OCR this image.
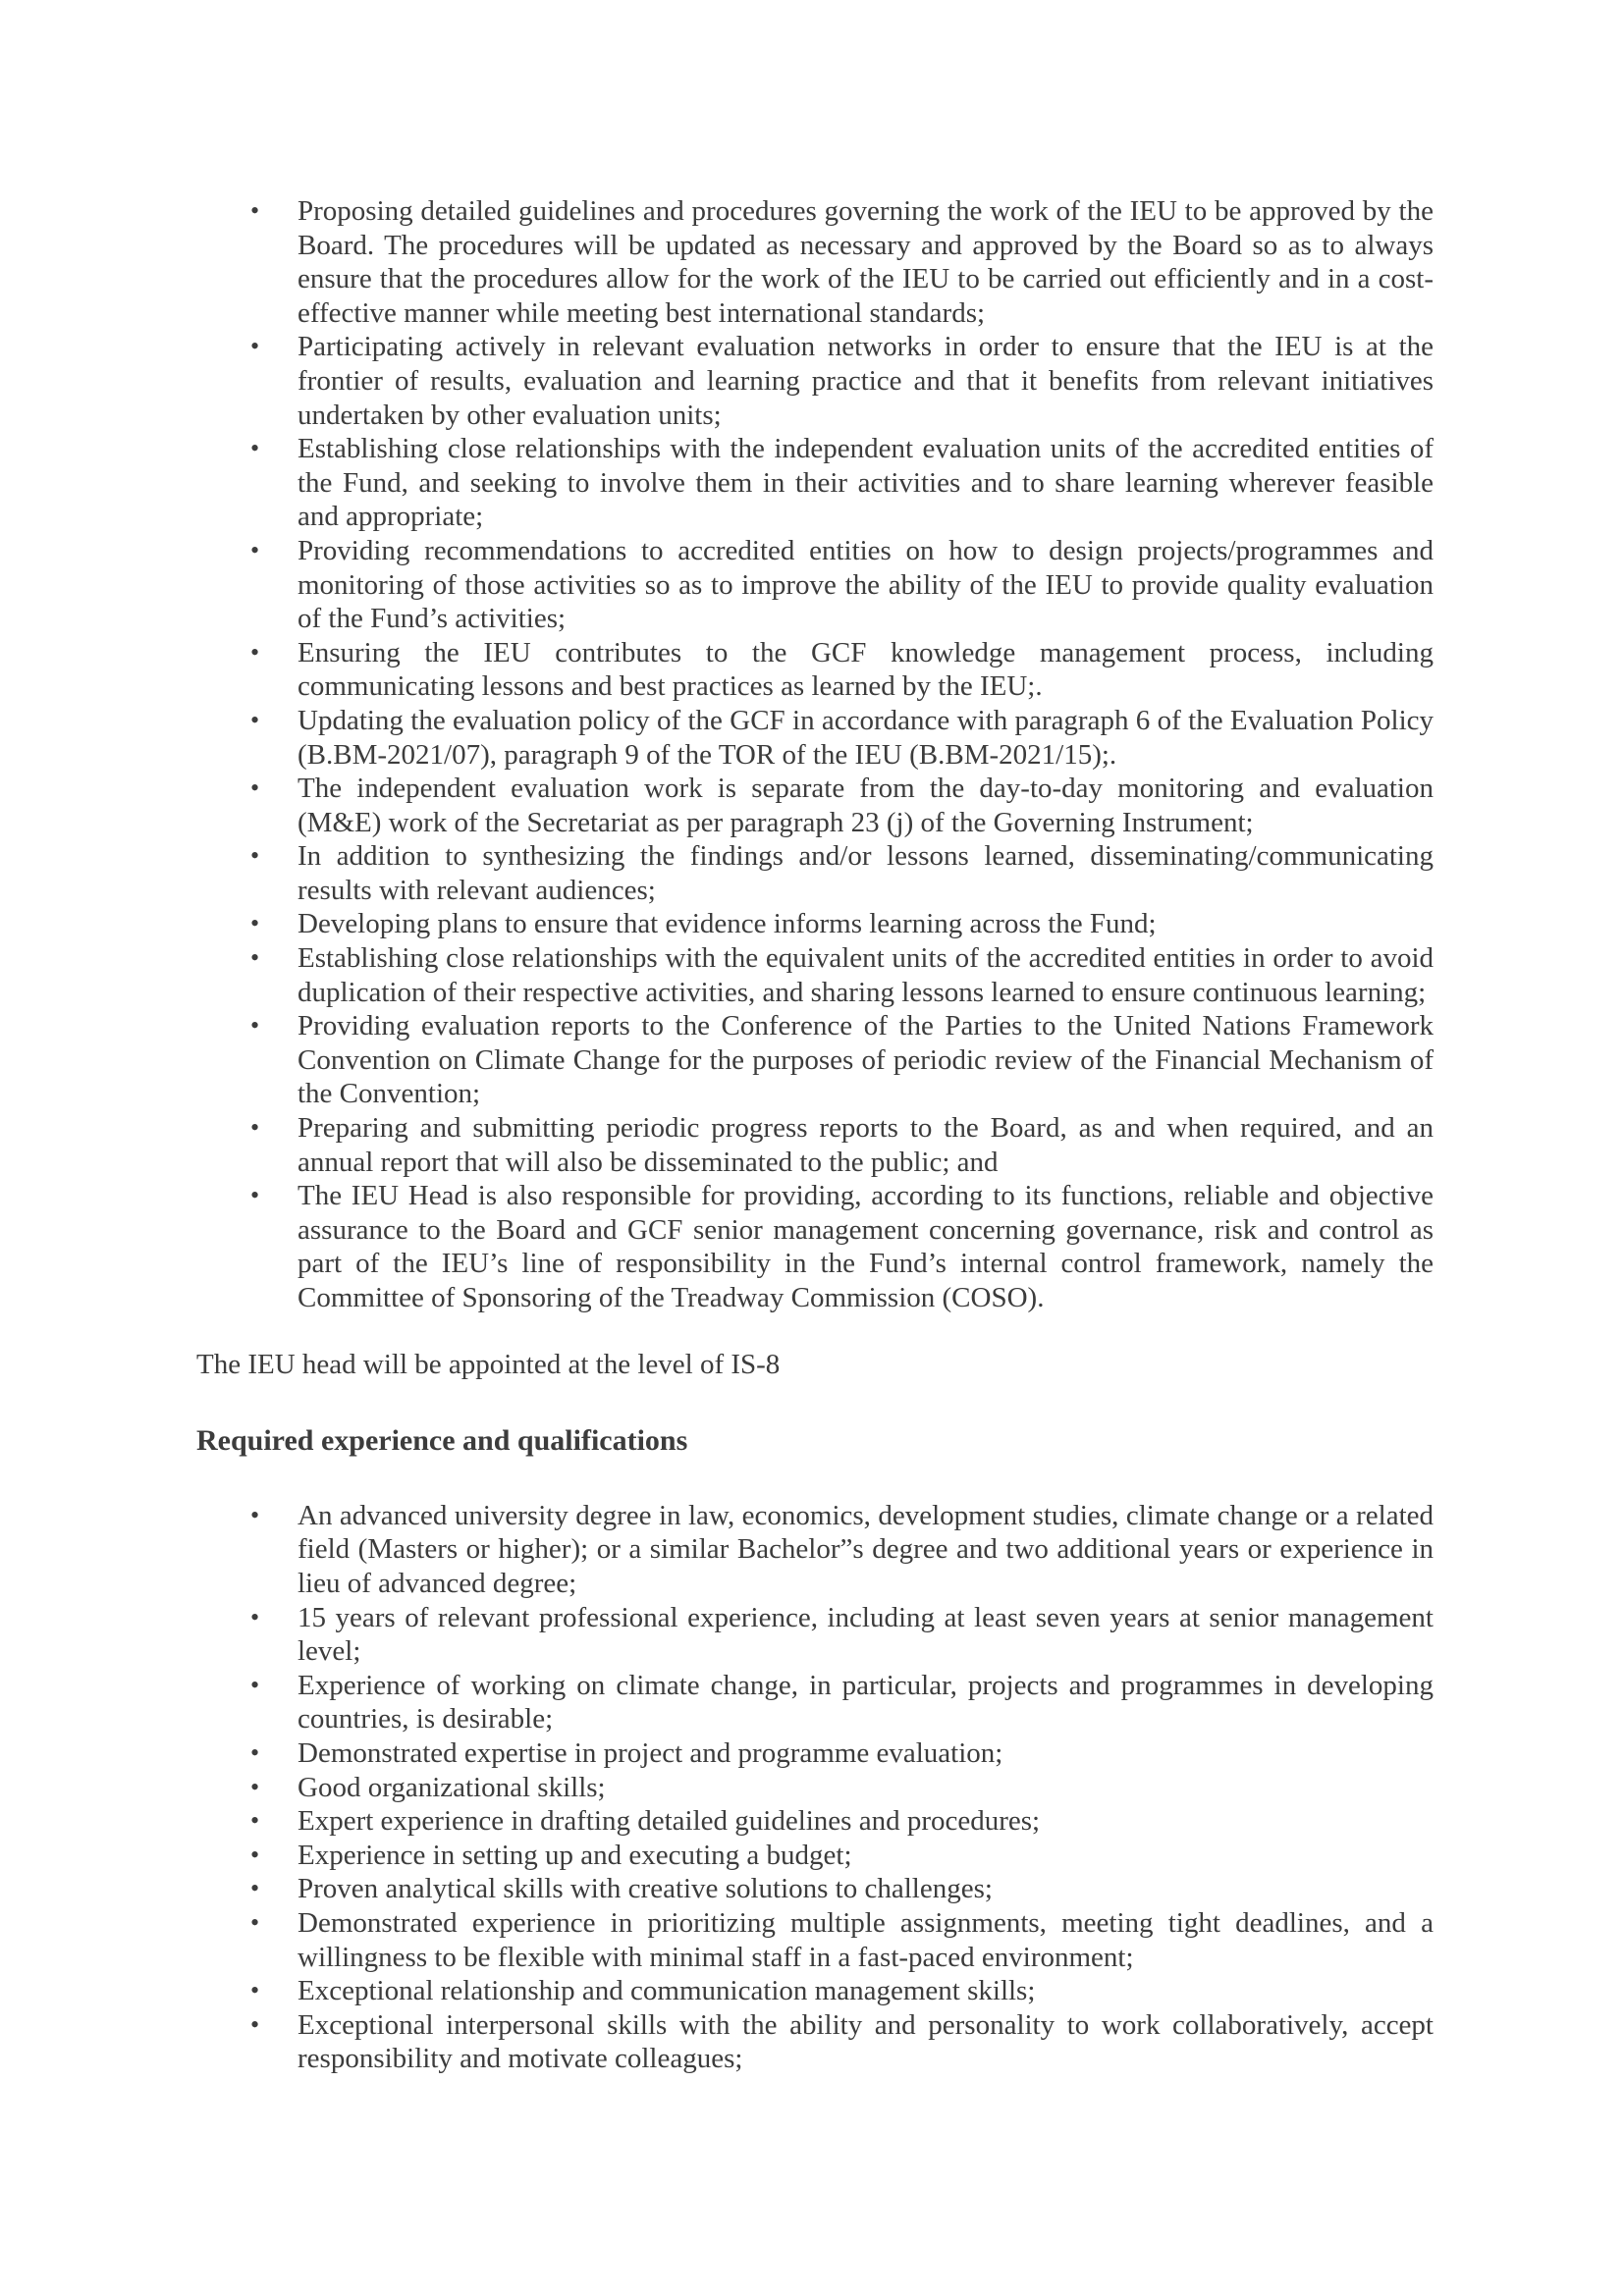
• Proposing detailed guidelines and procedures governing the work of the IEU to be approved by the Board. The procedures will be updated as necessary and approved by the Board so as to always ensure that the procedures allow for the work of the IEU to be carried out efficiently and in a cost-effective manner while meeting best international standards;
• Participating actively in relevant evaluation networks in order to ensure that the IEU is at the frontier of results, evaluation and learning practice and that it benefits from relevant initiatives undertaken by other evaluation units;
• Establishing close relationships with the independent evaluation units of the accredited entities of the Fund, and seeking to involve them in their activities and to share learning wherever feasible and appropriate;
• Providing recommendations to accredited entities on how to design projects/programmes and monitoring of those activities so as to improve the ability of the IEU to provide quality evaluation of the Fund’s activities;
• Ensuring the IEU contributes to the GCF knowledge management process, including communicating lessons and best practices as learned by the IEU;.
• Updating the evaluation policy of the GCF in accordance with paragraph 6 of the Evaluation Policy (B.BM-2021/07), paragraph 9 of the TOR of the IEU (B.BM-2021/15);.
• The independent evaluation work is separate from the day-to-day monitoring and evaluation (M&E) work of the Secretariat as per paragraph 23 (j) of the Governing Instrument;
• In addition to synthesizing the findings and/or lessons learned, disseminating/communicating results with relevant audiences;
• Developing plans to ensure that evidence informs learning across the Fund;
• Establishing close relationships with the equivalent units of the accredited entities in order to avoid duplication of their respective activities, and sharing lessons learned to ensure continuous learning;
• Providing evaluation reports to the Conference of the Parties to the United Nations Framework Convention on Climate Change for the purposes of periodic review of the Financial Mechanism of the Convention;
• Preparing and submitting periodic progress reports to the Board, as and when required, and an annual report that will also be disseminated to the public; and
• The IEU Head is also responsible for providing, according to its functions, reliable and objective assurance to the Board and GCF senior management concerning governance, risk and control as part of the IEU’s line of responsibility in the Fund’s internal control framework, namely the Committee of Sponsoring of the Treadway Commission (COSO).

The IEU head will be appointed at the level of IS-8

Required experience and qualifications
• An advanced university degree in law, economics, development studies, climate change or a related field (Masters or higher); or a similar Bachelor”s degree and two additional years or experience in lieu of advanced degree;
• 15 years of relevant professional experience, including at least seven years at senior management level;
• Experience of working on climate change, in particular, projects and programmes in developing countries, is desirable;
• Demonstrated expertise in project and programme evaluation;
• Good organizational skills;
• Expert experience in drafting detailed guidelines and procedures;
• Experience in setting up and executing a budget;
• Proven analytical skills with creative solutions to challenges;
• Demonstrated experience in prioritizing multiple assignments, meeting tight deadlines, and a willingness to be flexible with minimal staff in a fast-paced environment;
• Exceptional relationship and communication management skills;
• Exceptional interpersonal skills with the ability and personality to work collaboratively, accept responsibility and motivate colleagues;
